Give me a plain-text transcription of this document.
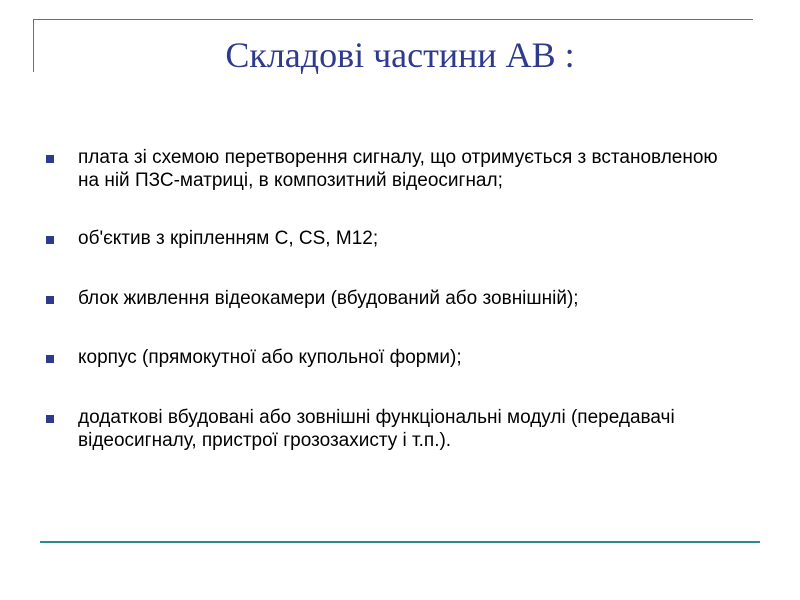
Складові частини АВ :
плата зі схемою перетворення сигналу, що отримується з встановленою на ній ПЗС-матриці, в композитний відеосигнал;
об'єктив з кріпленням С, CS, М12;
блок живлення відеокамери (вбудований або зовнішній);
корпус (прямокутної або купольної форми);
додаткові вбудовані або зовнішні функціональні модулі (передавачі відеосигналу, пристрої грозозахисту і т.п.).
